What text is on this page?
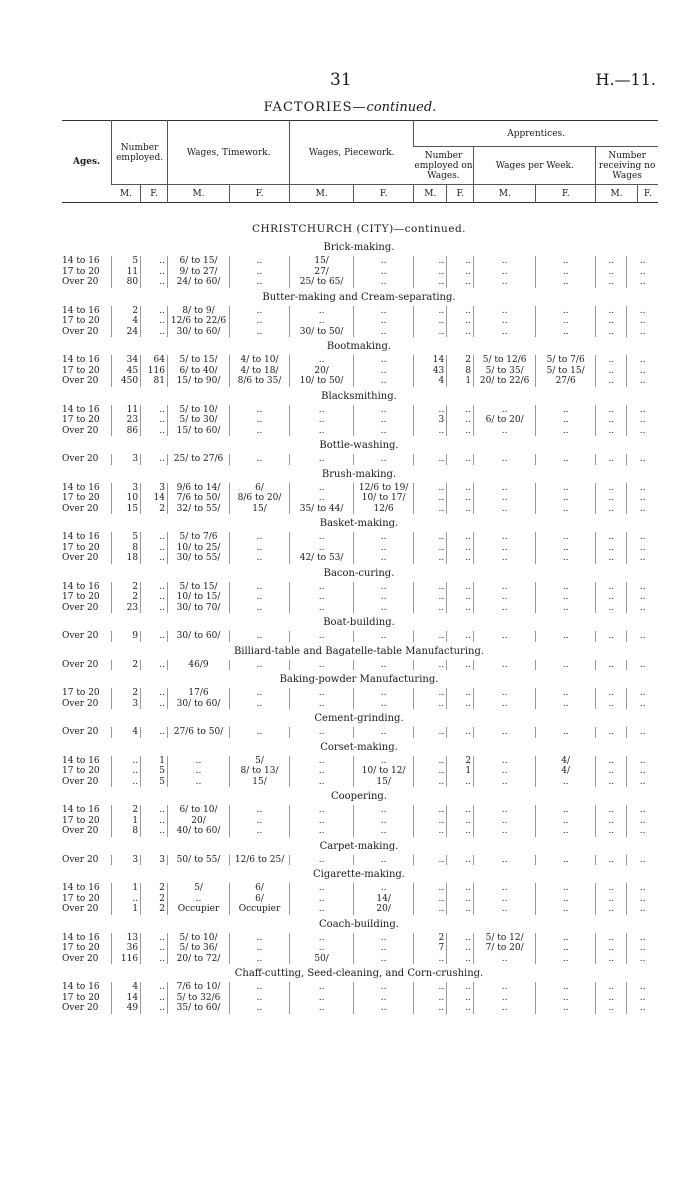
31	H.—11.
FACTORIES—continued.
Ages.	Number employed.		Wages, Timework.		Wages, Piecework.		Apprentices.					
							Number employed on Wages.		Wages per Week.		Number receiving no Wages	
	M.	F.	M.	F.	M.	F.	M.	F.	M.	F.	M.	F.
CHRISTCHURCH (CITY)—continued.												
Brick-making.												
14 to 16	5	..	6/ to 15/	..	15/	..	..	..	..	..	..	..
17 to 20	11	..	9/ to 27/	..	27/	..	..	..	..	..	..	..
Over 20	80	..	24/ to 60/	..	25/ to 65/	..	..	..	..	..	..	..
Butter-making and Cream-separating.												
14 to 16	2	..	8/ to 9/	..	..	..	..	..	..	..	..	..
17 to 20	4	..	12/6 to 22/6	..	..	..	..	..	..	..	..	..
Over 20	24	..	30/ to 60/	..	30/ to 50/	..	..	..	..	..	..	..
Bootmaking.												
14 to 16	34	64	5/ to 15/	4/ to 10/	..	..	14	2	5/ to 12/6	5/ to 7/6	..	..
17 to 20	45	116	6/ to 40/	4/ to 18/	20/	..	43	8	5/ to 35/	5/ to 15/	..	..
Over 20	450	81	15/ to 90/	8/6 to 35/	10/ to 50/	..	4	1	20/ to 22/6	27/6	..	..
Blacksmithing.												
14 to 16	11	..	5/ to 10/	..	..	..	..	..	..	..	..	..
17 to 20	23	..	5/ to 30/	..	..	..	3	..	6/ to 20/	..	..	..
Over 20	86	..	15/ to 60/	..	..	..	..	..	..	..	..	..
Bottle-washing.												
Over 20	3	..	25/ to 27/6	..	..	..	..	..	..	..	..	..
Brush-making.												
14 to 16	3	3	9/6 to 14/	6/	..	12/6 to 19/	..	..	..	..	..	..
17 to 20	10	14	7/6 to 50/	8/6 to 20/	..	10/ to 17/	..	..	..	..	..	..
Over 20	15	2	32/ to 55/	15/	35/ to 44/	12/6	..	..	..	..	..	..
Basket-making.												
14 to 16	5	..	5/ to 7/6	..	..	..	..	..	..	..	..	..
17 to 20	8	..	10/ to 25/	..	..	..	..	..	..	..	..	..
Over 20	18	..	30/ to 55/	..	42/ to 53/	..	..	..	..	..	..	..
Bacon-curing.												
14 to 16	2	..	5/ to 15/	..	..	..	..	..	..	..	..	..
17 to 20	2	..	10/ to 15/	..	..	..	..	..	..	..	..	..
Over 20	23	..	30/ to 70/	..	..	..	..	..	..	..	..	..
Boat-building.												
Over 20	9	..	30/ to 60/	..	..	..	..	..	..	..	..	..
Billiard-table and Bagatelle-table Manufacturing.												
Over 20	2	..	46/9	..	..	..	..	..	..	..	..	..
Baking-powder Manufacturing.												
17 to 20	2	..	17/6	..	..	..	..	..	..	..	..	..
Over 20	3	..	30/ to 60/	..	..	..	..	..	..	..	..	..
Cement-grinding.												
Over 20	4	..	27/6 to 50/	..	..	..	..	..	..	..	..	..
Corset-making.												
14 to 16	..	1	..	5/	..	..	..	2	..	4/	..	..
17 to 20	..	5	..	8/ to 13/	..	10/ to 12/	..	1	..	4/	..	..
Over 20	..	5	..	15/	..	15/	..	..	..	..	..	..
Coopering.												
14 to 16	2	..	6/ to 10/	..	..	..	..	..	..	..	..	..
17 to 20	1	..	20/	..	..	..	..	..	..	..	..	..
Over 20	8	..	40/ to 60/	..	..	..	..	..	..	..	..	..
Carpet-making.												
Over 20	3	3	50/ to 55/	12/6 to 25/	..	..	..	..	..	..	..	..
Cigarette-making.												
14 to 16	1	2	5/	6/	..	..	..	..	..	..	..	..
17 to 20	..	2	..	6/	..	14/	..	..	..	..	..	..
Over 20	1	2	Occupier	Occupier	..	20/	..	..	..	..	..	..
Coach-building.												
14 to 16	13	..	5/ to 10/	..	..	..	2	..	5/ to 12/	..	..	..
17 to 20	36	..	5/ to 36/	..	..	..	7	..	7/ to 20/	..	..	..
Over 20	116	..	20/ to 72/	..	50/	..	..	..	..	..	..	..
Chaff-cutting, Seed-cleaning, and Corn-crushing.												
14 to 16	4	..	7/6 to 10/	..	..	..	..	..	..	..	..	..
17 to 20	14	..	5/ to 32/6	..	..	..	..	..	..	..	..	..
Over 20	49	..	35/ to 60/	..	..	..	..	..	..	..	..	..
